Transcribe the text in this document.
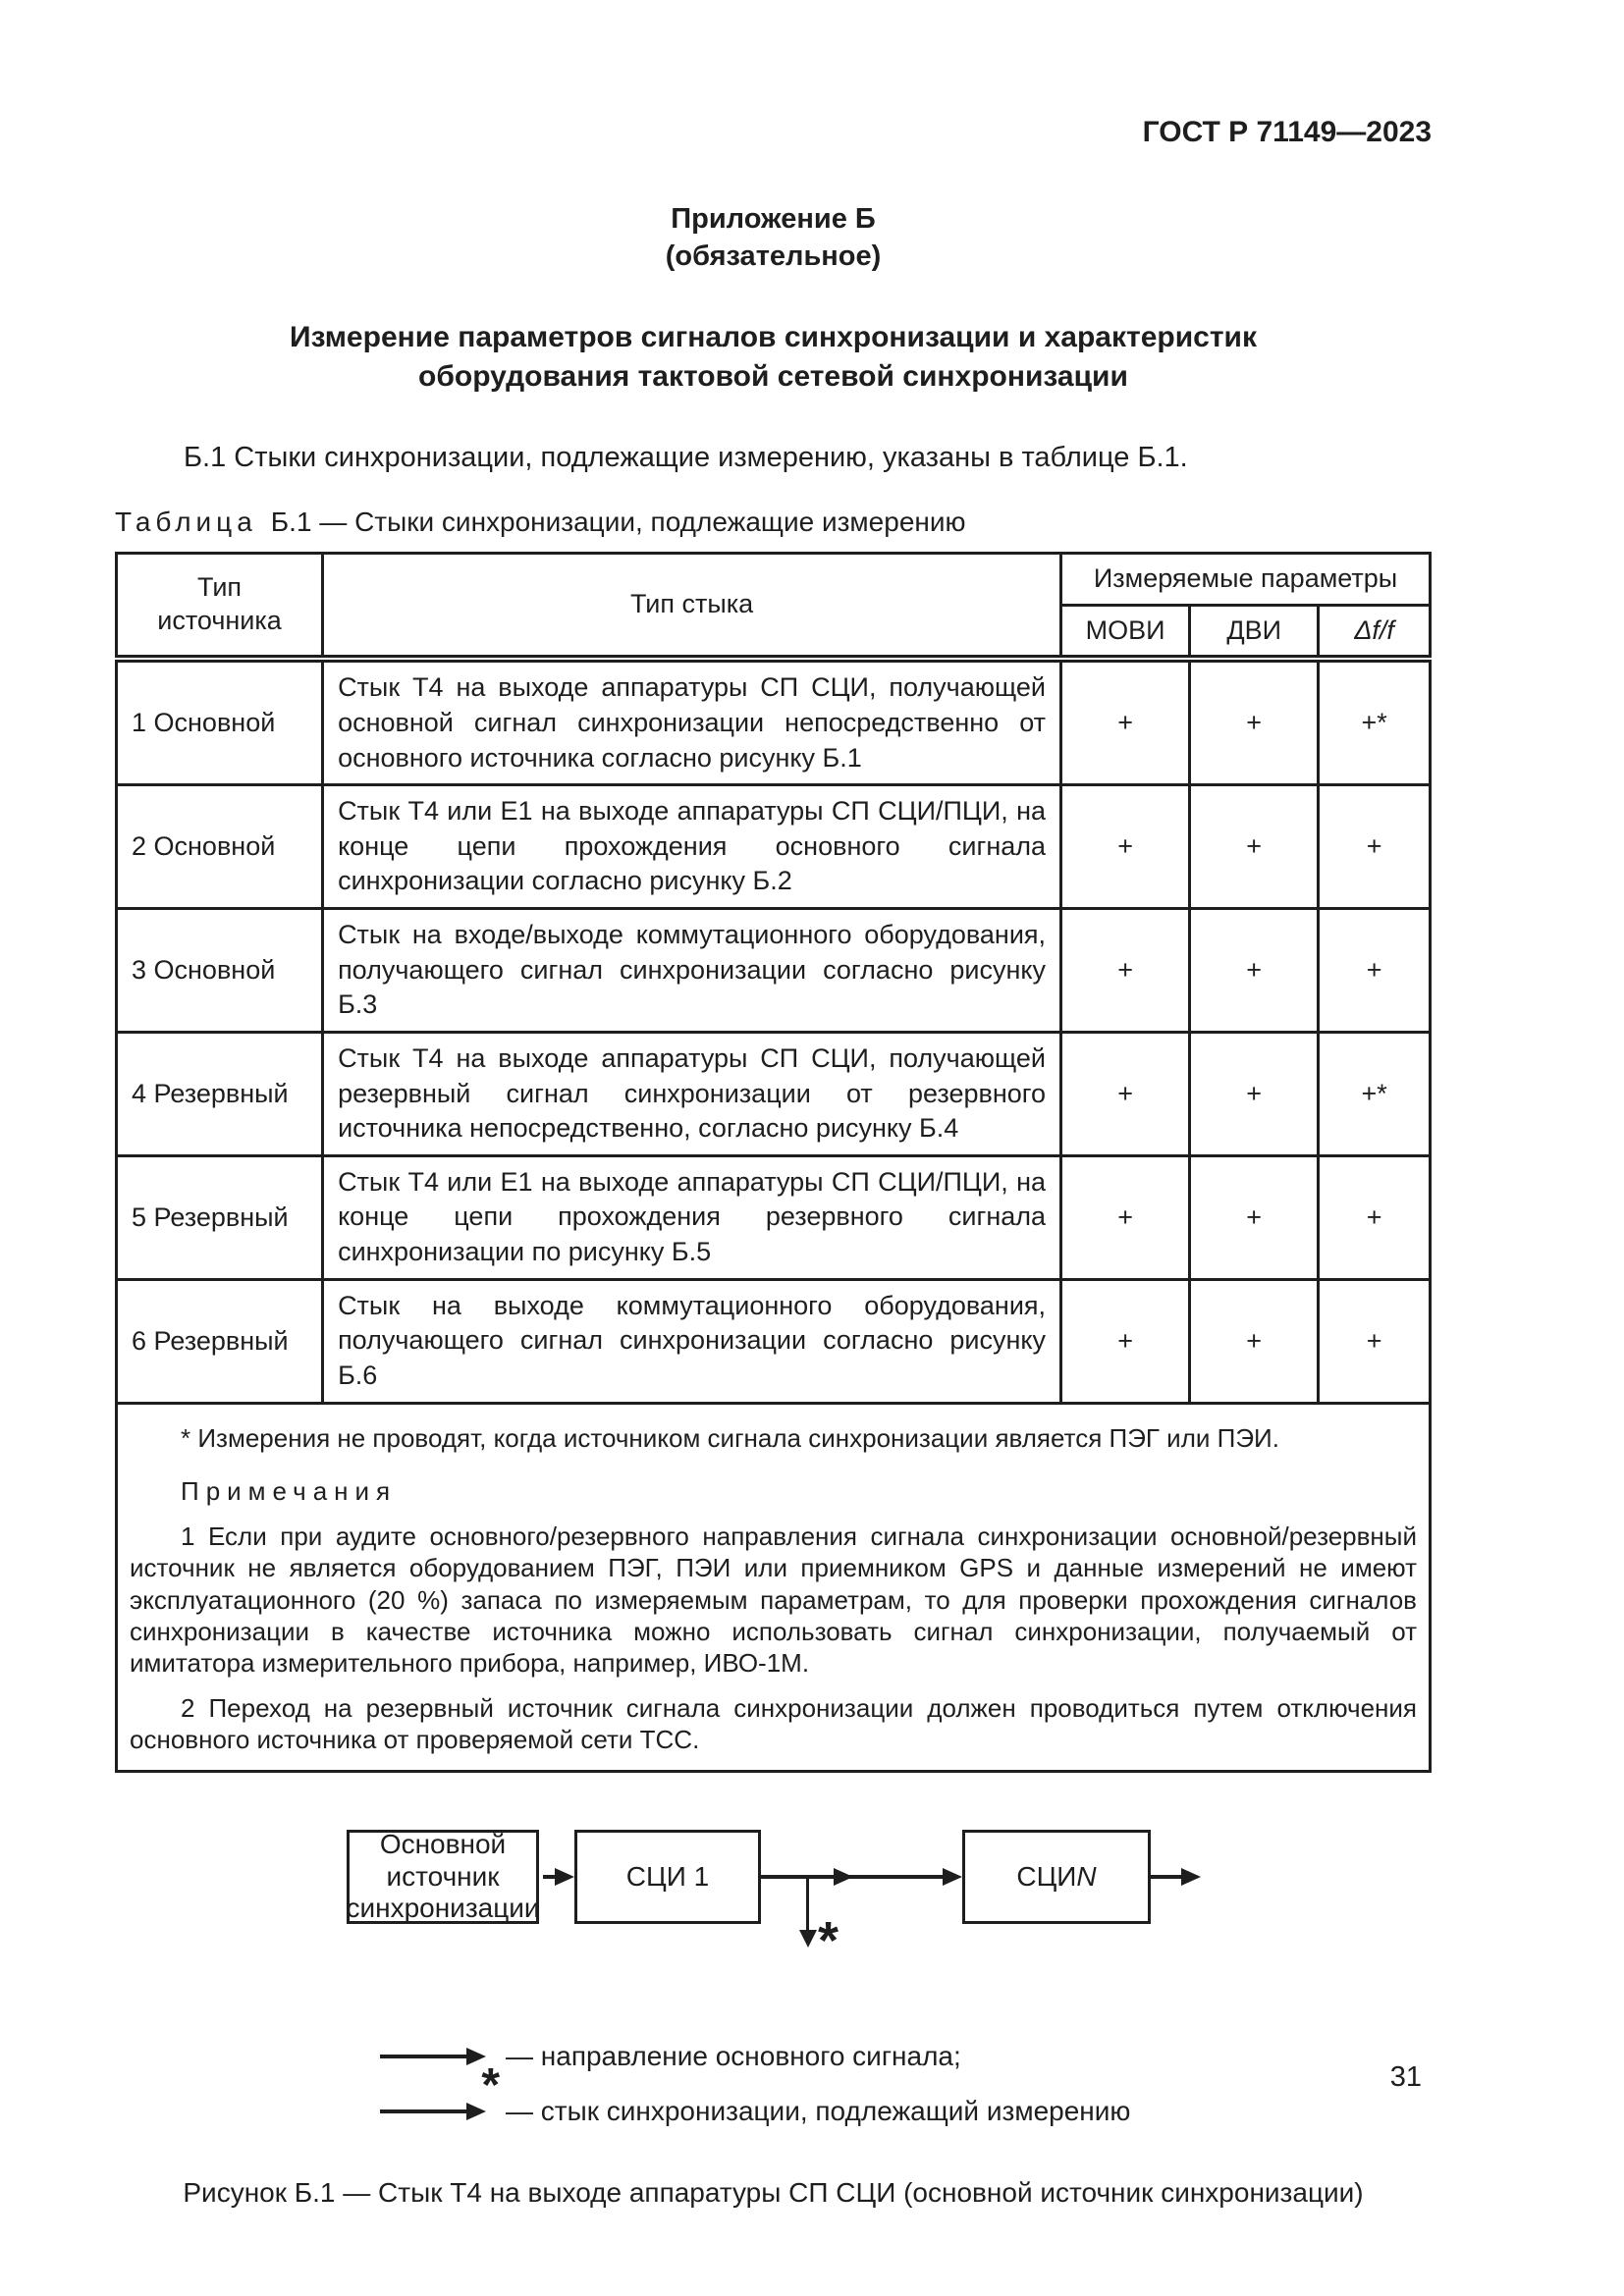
ГОСТ Р 71149—2023
Приложение Б
(обязательное)
Измерение параметров сигналов синхронизации и характеристик оборудования тактовой сетевой синхронизации

Б.1 Стыки синхронизации, подлежащие измерению, указаны в таблице Б.1.

Таблица Б.1 — Стыки синхронизации, подлежащие измерению
Тип источника	Тип стыка	Измеряемые параметры		
		МОВИ	ДВИ	Δf/f
1 Основной	Стык Т4 на выходе аппаратуры СП СЦИ, получающей основной сигнал синхронизации непосредственно от основного источника согласно рисунку Б.1	+	+	+*
2 Основной	Стык Т4 или Е1 на выходе аппаратуры СП СЦИ/ПЦИ, на конце цепи прохождения основного сигнала синхронизации согласно рисунку Б.2	+	+	+
3 Основной	Стык на входе/выходе коммутационного оборудования, получающего сигнал синхронизации согласно рисунку Б.3	+	+	+
4 Резервный	Стык Т4 на выходе аппаратуры СП СЦИ, получающей резервный сигнал синхронизации от резервного источника непосредственно, согласно рисунку Б.4	+	+	+*
5 Резервный	Стык Т4 или Е1 на выходе аппаратуры СП СЦИ/ПЦИ, на конце цепи прохождения резервного сигнала синхронизации по рисунку Б.5	+	+	+
6 Резервный	Стык на выходе коммутационного оборудования, получающего сигнал синхронизации согласно рисунку Б.6	+	+	+

* Измерения не проводят, когда источником сигнала синхронизации является ПЭГ или ПЭИ.

Примечания

1 Если при аудите основного/резервного направления сигнала синхронизации основной/резервный источник не является оборудованием ПЭГ, ПЭИ или приемником GPS и данные измерений не имеют эксплуатационного (20 %) запаса по измеряемым параметрам, то для проверки прохождения сигналов синхронизации в качестве источника можно использовать сигнал синхронизации, получаемый от имитатора измерительного прибора, например, ИВО-1М.

2 Переход на резервный источник сигнала синхронизации должен проводиться путем отключения основного источника от проверяемой сети ТСС.				

Основной источник синхронизации
СЦИ 1	СЦИ N
*
— направление основного сигнала;
* — стык синхронизации, подлежащий измерению
Рисунок Б.1 — Стык Т4 на выходе аппаратуры СП СЦИ (основной источник синхронизации)
31
